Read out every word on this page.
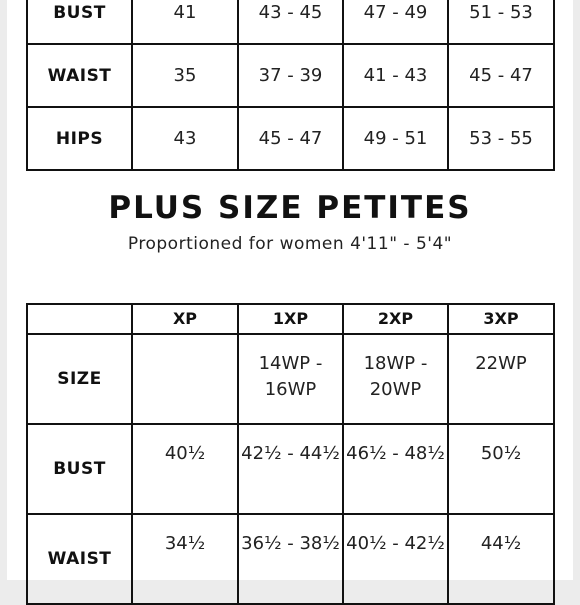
BUST	41	43 - 45	47 - 49	51 - 53
WAIST	35	37 - 39	41 - 43	45 - 47
HIPS	43	45 - 47	49 - 51	53 - 55
PLUS SIZE PETITES
Proportioned for women 4'11" - 5'4"
	XP	1XP	2XP	3XP
SIZE		14WP - 16WP	18WP - 20WP	22WP
BUST	40½	42½ - 44½	46½ - 48½	50½
WAIST	34½	36½ - 38½	40½ - 42½	44½
